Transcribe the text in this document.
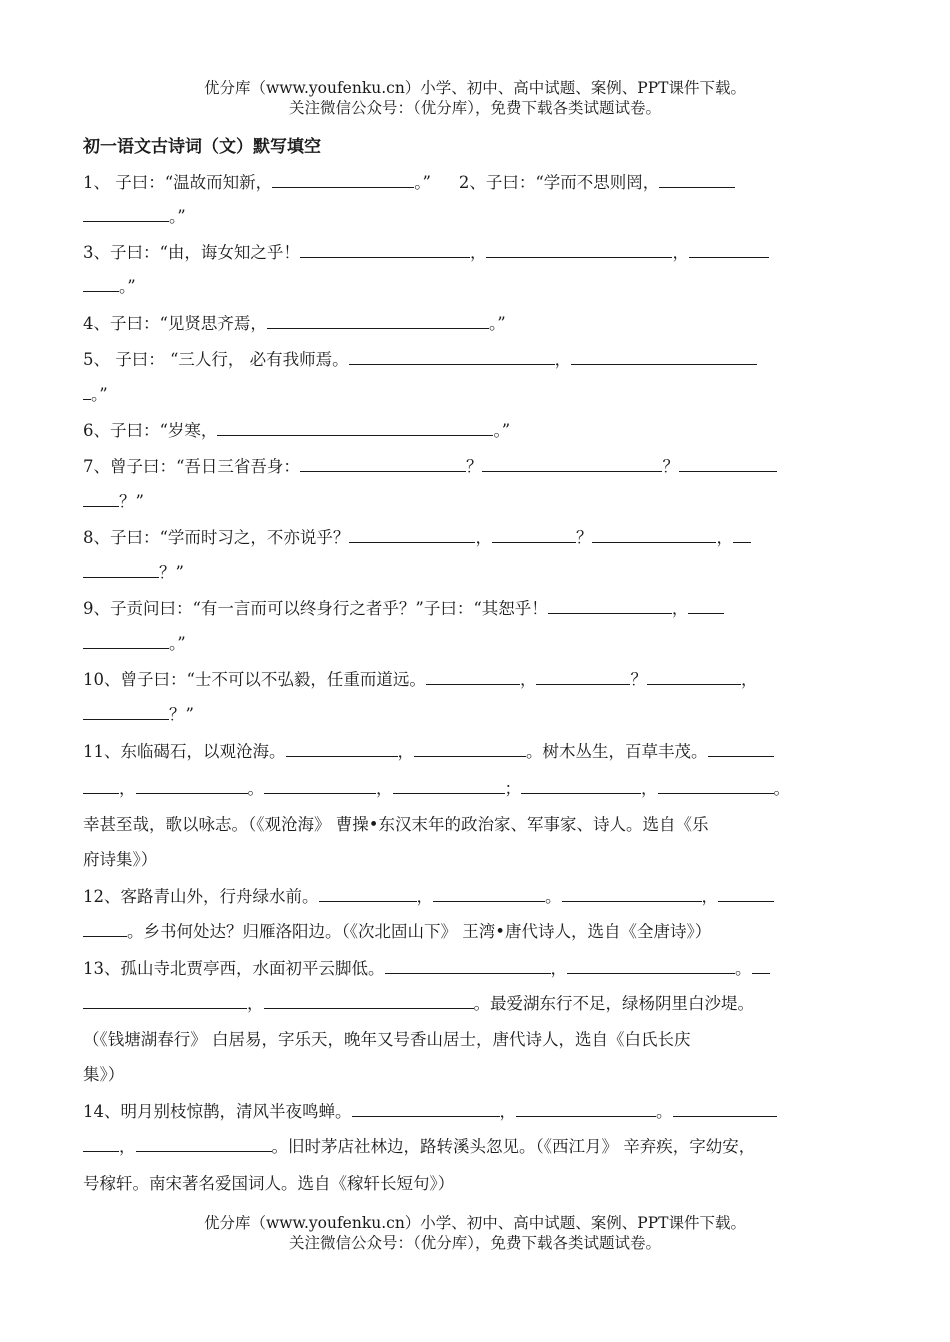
优分库（www.youfenku.cn）小学、初中、高中试题、案例、PPT课件下载。
关注微信公众号：（优分库），免费下载各类试题试卷。
初一语文古诗词（文）默写填空
1、 子曰：“温故而知新，	。” 2、子曰：“学而不思则罔，
。”
3、子曰：“由，诲女知之乎！	，	，
。”
4、子曰：“见贤思齐焉，	。”
5、 子曰： “三人行， 必有我师焉。	，
。”
6、子曰：“岁寒，	。”
7、曾子曰：“吾日三省吾身：	？	？
？”
8、子曰：“学而时习之，不亦说乎？	，	？	，
？”
9、子贡问曰：“有一言而可以终身行之者乎？”子曰：“其恕乎！	，
。”
10、曾子曰：“士不可以不弘毅，任重而道远。	，	？	，
？”
11、东临碣石，以观沧海。	，	。树木丛生，百草丰茂。
，	。	，	；	，	。
幸甚至哉，歌以咏志。（《观沧海》 曹操•东汉末年的政治家、军事家、诗人。选自《乐
府诗集》）
12、客路青山外，行舟绿水前。	，	。	，
。乡书何处达？归雁洛阳边。（《次北固山下》 王湾•唐代诗人，选自《全唐诗》）
13、孤山寺北贾亭西，水面初平云脚低。	，	。
，	。最爱湖东行不足，绿杨阴里白沙堤。
（《钱塘湖春行》 白居易，字乐天，晚年又号香山居士，唐代诗人，选自《白氏长庆
集》）
14、明月别枝惊鹊，清风半夜鸣蝉。	，	。
，	。旧时茅店社林边，路转溪头忽见。（《西江月》 辛弃疾，字幼安，
号稼轩。南宋著名爱国词人。选自《稼轩长短句》）
优分库（www.youfenku.cn）小学、初中、高中试题、案例、PPT课件下载。
关注微信公众号：（优分库），免费下载各类试题试卷。
